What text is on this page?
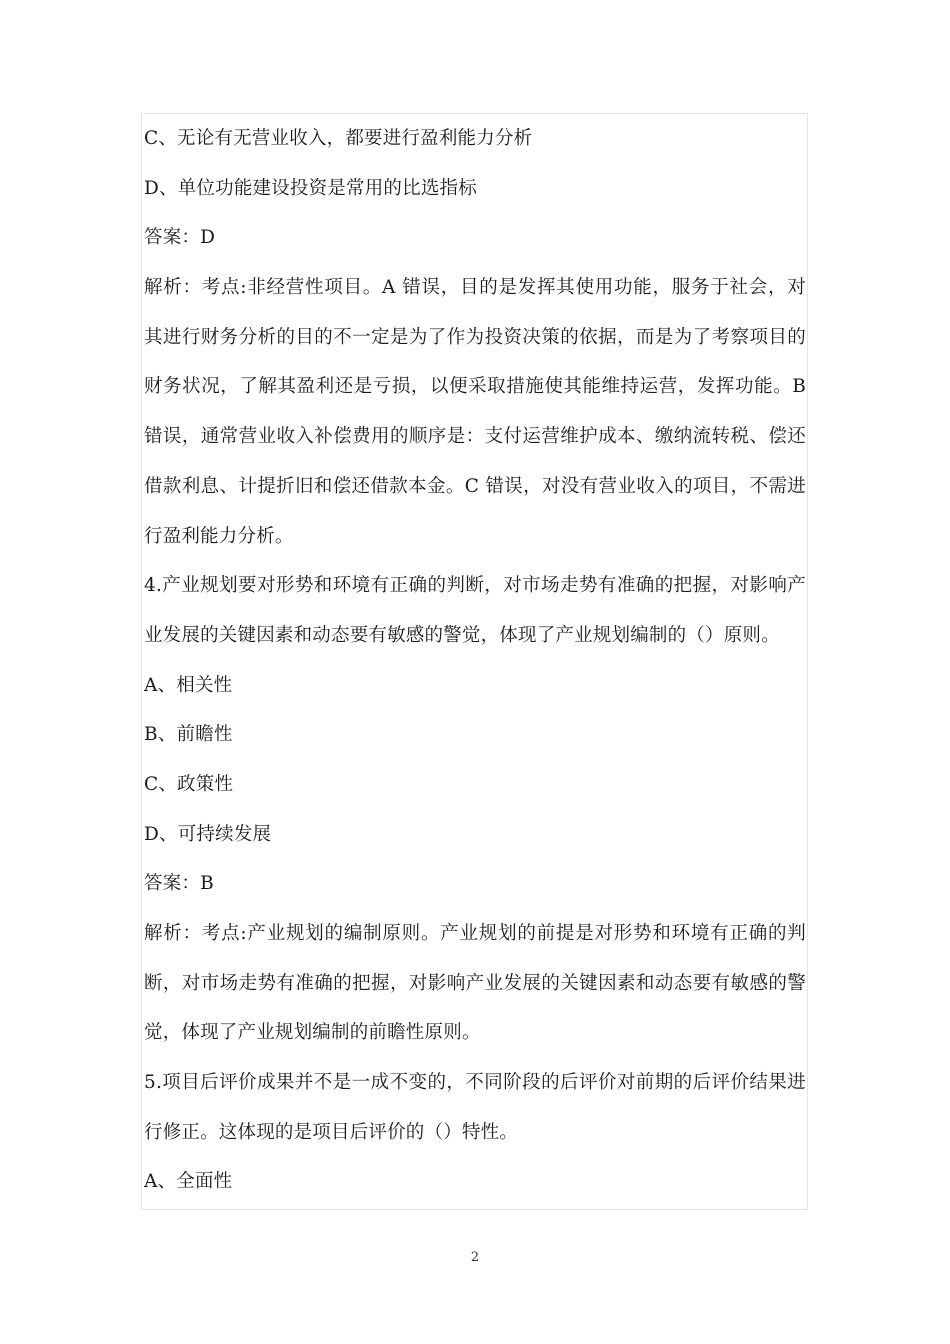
C、无论有无营业收入，都要进行盈利能力分析

D、单位功能建设投资是常用的比选指标

答案：D

解析：考点:非经营性项目。A 错误，目的是发挥其使用功能，服务于社会，对

其进行财务分析的目的不一定是为了作为投资决策的依据，而是为了考察项目的

财务状况，了解其盈利还是亏损，以便采取措施使其能维持运营，发挥功能。B

错误，通常营业收入补偿费用的顺序是：支付运营维护成本、缴纳流转税、偿还

借款利息、计提折旧和偿还借款本金。C 错误，对没有营业收入的项目，不需进

行盈利能力分析。

4.产业规划要对形势和环境有正确的判断，对市场走势有准确的把握，对影响产

业发展的关键因素和动态要有敏感的警觉，体现了产业规划编制的（）原则。

A、相关性

B、前瞻性

C、政策性

D、可持续发展

答案：B

解析：考点:产业规划的编制原则。产业规划的前提是对形势和环境有正确的判

断，对市场走势有准确的把握，对影响产业发展的关键因素和动态要有敏感的警

觉，体现了产业规划编制的前瞻性原则。

5.项目后评价成果并不是一成不变的，不同阶段的后评价对前期的后评价结果进

行修正。这体现的是项目后评价的（）特性。

A、全面性

2
